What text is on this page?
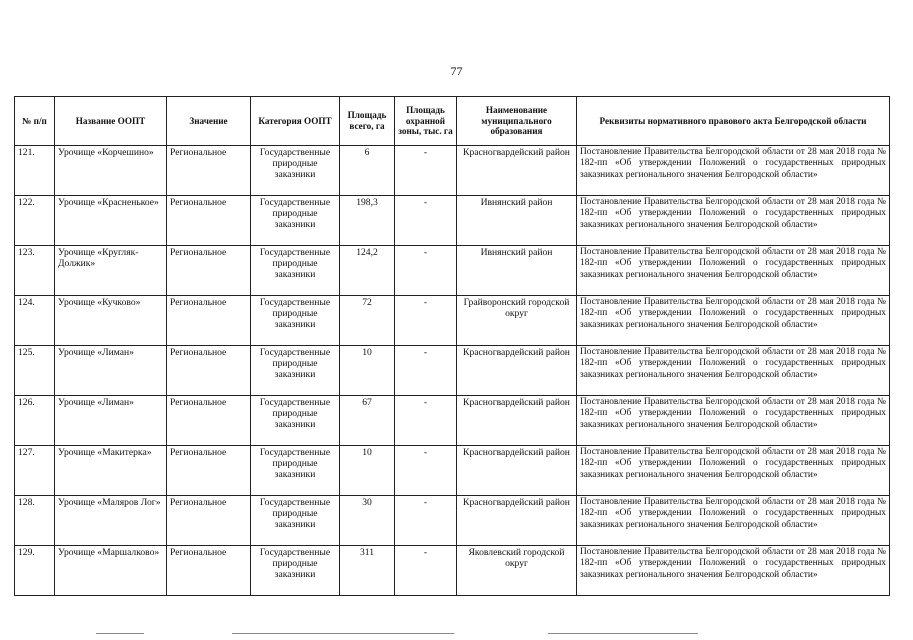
77
№ п/п	Название ООПТ	Значение	Категория ООПТ	Площадь всего, га	Площадь охранной зоны, тыс. га	Наименование муниципального образования	Реквизиты нормативного правового акта Белгородской области
121.	Урочище «Корчешино»	Региональное	Государственные природные заказники	6	-	Красногвардейский район	Постановление Правительства Белгородской области от 28 мая 2018 года № 182-пп «Об утверждении Положений о государственных природных заказниках регионального значения Белгородской области»
122.	Урочище «Красненькое»	Региональное	Государственные природные заказники	198,3	-	Ивнянский район	Постановление Правительства Белгородской области от 28 мая 2018 года № 182-пп «Об утверждении Положений о государственных природных заказниках регионального значения Белгородской области»
123.	Урочище «Кругляк-Должик»	Региональное	Государственные природные заказники	124,2	-	Ивнянский район	Постановление Правительства Белгородской области от 28 мая 2018 года № 182-пп «Об утверждении Положений о государственных природных заказниках регионального значения Белгородской области»
124.	Урочище «Кучково»	Региональное	Государственные природные заказники	72	-	Грайворонский городской округ	Постановление Правительства Белгородской области от 28 мая 2018 года № 182-пп «Об утверждении Положений о государственных природных заказниках регионального значения Белгородской области»
125.	Урочище «Лиман»	Региональное	Государственные природные заказники	10	-	Красногвардейский район	Постановление Правительства Белгородской области от 28 мая 2018 года № 182-пп «Об утверждении Положений о государственных природных заказниках регионального значения Белгородской области»
126.	Урочище «Лиман»	Региональное	Государственные природные заказники	67	-	Красногвардейский район	Постановление Правительства Белгородской области от 28 мая 2018 года № 182-пп «Об утверждении Положений о государственных природных заказниках регионального значения Белгородской области»
127.	Урочище «Макитерка»	Региональное	Государственные природные заказники	10	-	Красногвардейский район	Постановление Правительства Белгородской области от 28 мая 2018 года № 182-пп «Об утверждении Положений о государственных природных заказниках регионального значения Белгородской области»
128.	Урочище «Маляров Лог»	Региональное	Государственные природные заказники	30	-	Красногвардейский район	Постановление Правительства Белгородской области от 28 мая 2018 года № 182-пп «Об утверждении Положений о государственных природных заказниках регионального значения Белгородской области»
129.	Урочище «Маршалково»	Региональное	Государственные природные заказники	311	-	Яковлевский городской округ	Постановление Правительства Белгородской области от 28 мая 2018 года № 182-пп «Об утверждении Положений о государственных природных заказниках регионального значения Белгородской области»
